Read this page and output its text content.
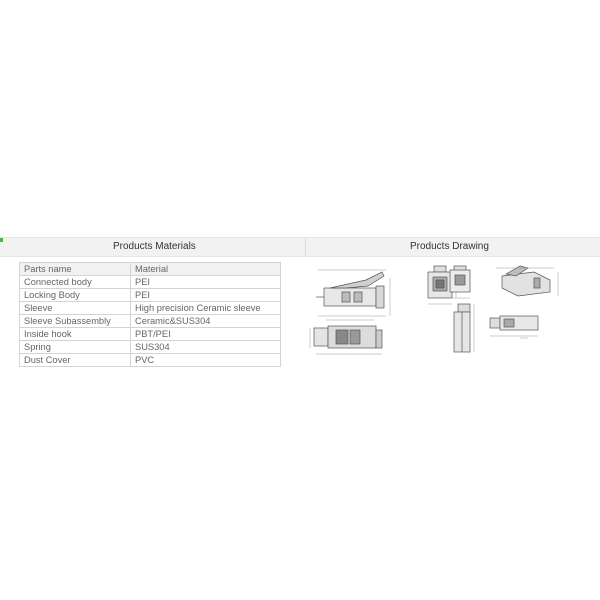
Products Materials	Products Drawing
Parts name	Material
Connected body	PEI
Locking Body	PEI
Sleeve	High precision Ceramic sleeve
Sleeve Subassembly	Ceramic&SUS304
Inside hook	PBT/PEI
Spring	SUS304
Dust Cover	PVC
